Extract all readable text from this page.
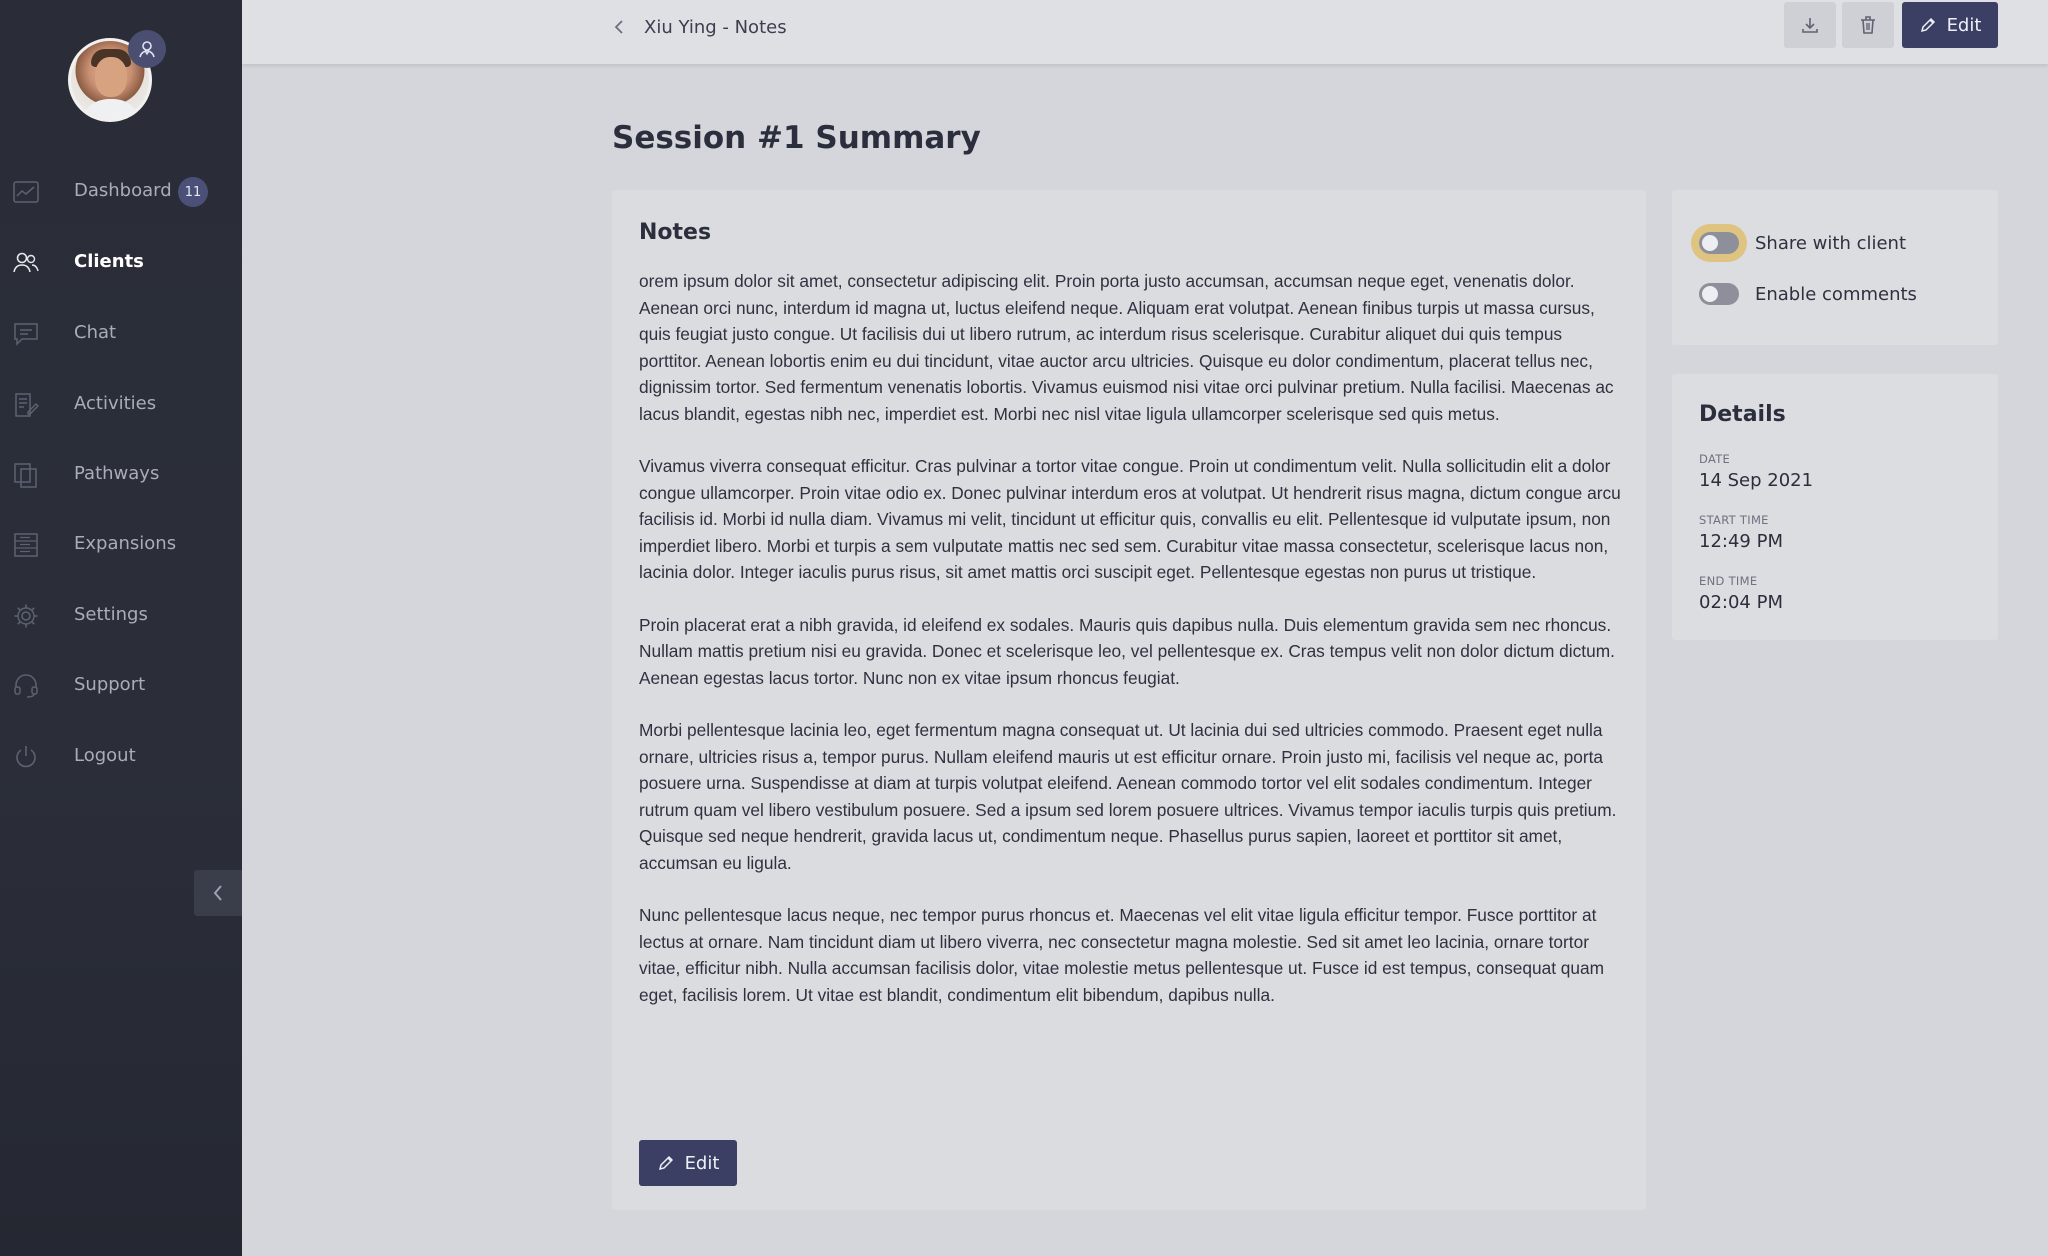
Dashboard	11
Clients
Chat
Activities
Pathways
Expansions
Settings
Support
Logout
Xiu Ying - Notes	Edit
Session #1 Summary
Notes

orem ipsum dolor sit amet, consectetur adipiscing elit. Proin porta justo accumsan, accumsan neque eget, venenatis dolor. Aenean orci nunc, interdum id magna ut, luctus eleifend neque. Aliquam erat volutpat. Aenean finibus turpis ut massa cursus, quis feugiat justo congue. Ut facilisis dui ut libero rutrum, ac interdum risus scelerisque. Curabitur aliquet dui quis tempus porttitor. Aenean lobortis enim eu dui tincidunt, vitae auctor arcu ultricies. Quisque eu dolor condimentum, placerat tellus nec, dignissim tortor. Sed fermentum venenatis lobortis. Vivamus euismod nisi vitae orci pulvinar pretium. Nulla facilisi. Maecenas ac lacus blandit, egestas nibh nec, imperdiet est. Morbi nec nisl vitae ligula ullamcorper scelerisque sed quis metus.

Vivamus viverra consequat efficitur. Cras pulvinar a tortor vitae congue. Proin ut condimentum velit. Nulla sollicitudin elit a dolor congue ullamcorper. Proin vitae odio ex. Donec pulvinar interdum eros at volutpat. Ut hendrerit risus magna, dictum congue arcu facilisis id. Morbi id nulla diam. Vivamus mi velit, tincidunt ut efficitur quis, convallis eu elit. Pellentesque id vulputate ipsum, non imperdiet libero. Morbi et turpis a sem vulputate mattis nec sed sem. Curabitur vitae massa consectetur, scelerisque lacus non, lacinia dolor. Integer iaculis purus risus, sit amet mattis orci suscipit eget. Pellentesque egestas non purus ut tristique.

Proin placerat erat a nibh gravida, id eleifend ex sodales. Mauris quis dapibus nulla. Duis elementum gravida sem nec rhoncus. Nullam mattis pretium nisi eu gravida. Donec et scelerisque leo, vel pellentesque ex. Cras tempus velit non dolor dictum dictum. Aenean egestas lacus tortor. Nunc non ex vitae ipsum rhoncus feugiat.

Morbi pellentesque lacinia leo, eget fermentum magna consequat ut. Ut lacinia dui sed ultricies commodo. Praesent eget nulla ornare, ultricies risus a, tempor purus. Nullam eleifend mauris ut est efficitur ornare. Proin justo mi, facilisis vel neque ac, porta posuere urna. Suspendisse at diam at turpis volutpat eleifend. Aenean commodo tortor vel elit sodales condimentum. Integer rutrum quam vel libero vestibulum posuere. Sed a ipsum sed lorem posuere ultrices. Vivamus tempor iaculis turpis quis pretium. Quisque sed neque hendrerit, gravida lacus ut, condimentum neque. Phasellus purus sapien, laoreet et porttitor sit amet, accumsan eu ligula.

Nunc pellentesque lacus neque, nec tempor purus rhoncus et. Maecenas vel elit vitae ligula efficitur tempor. Fusce porttitor at lectus at ornare. Nam tincidunt diam ut libero viverra, nec consectetur magna molestie. Sed sit amet leo lacinia, ornare tortor vitae, efficitur nibh. Nulla accumsan facilisis dolor, vitae molestie metus pellentesque ut. Fusce id est tempus, consequat quam eget, facilisis lorem. Ut vitae est blandit, condimentum elit bibendum, dapibus nulla.

Edit
Share with client
Enable comments
Details
DATE
14 Sep 2021
START TIME
12:49 PM
END TIME
02:04 PM
